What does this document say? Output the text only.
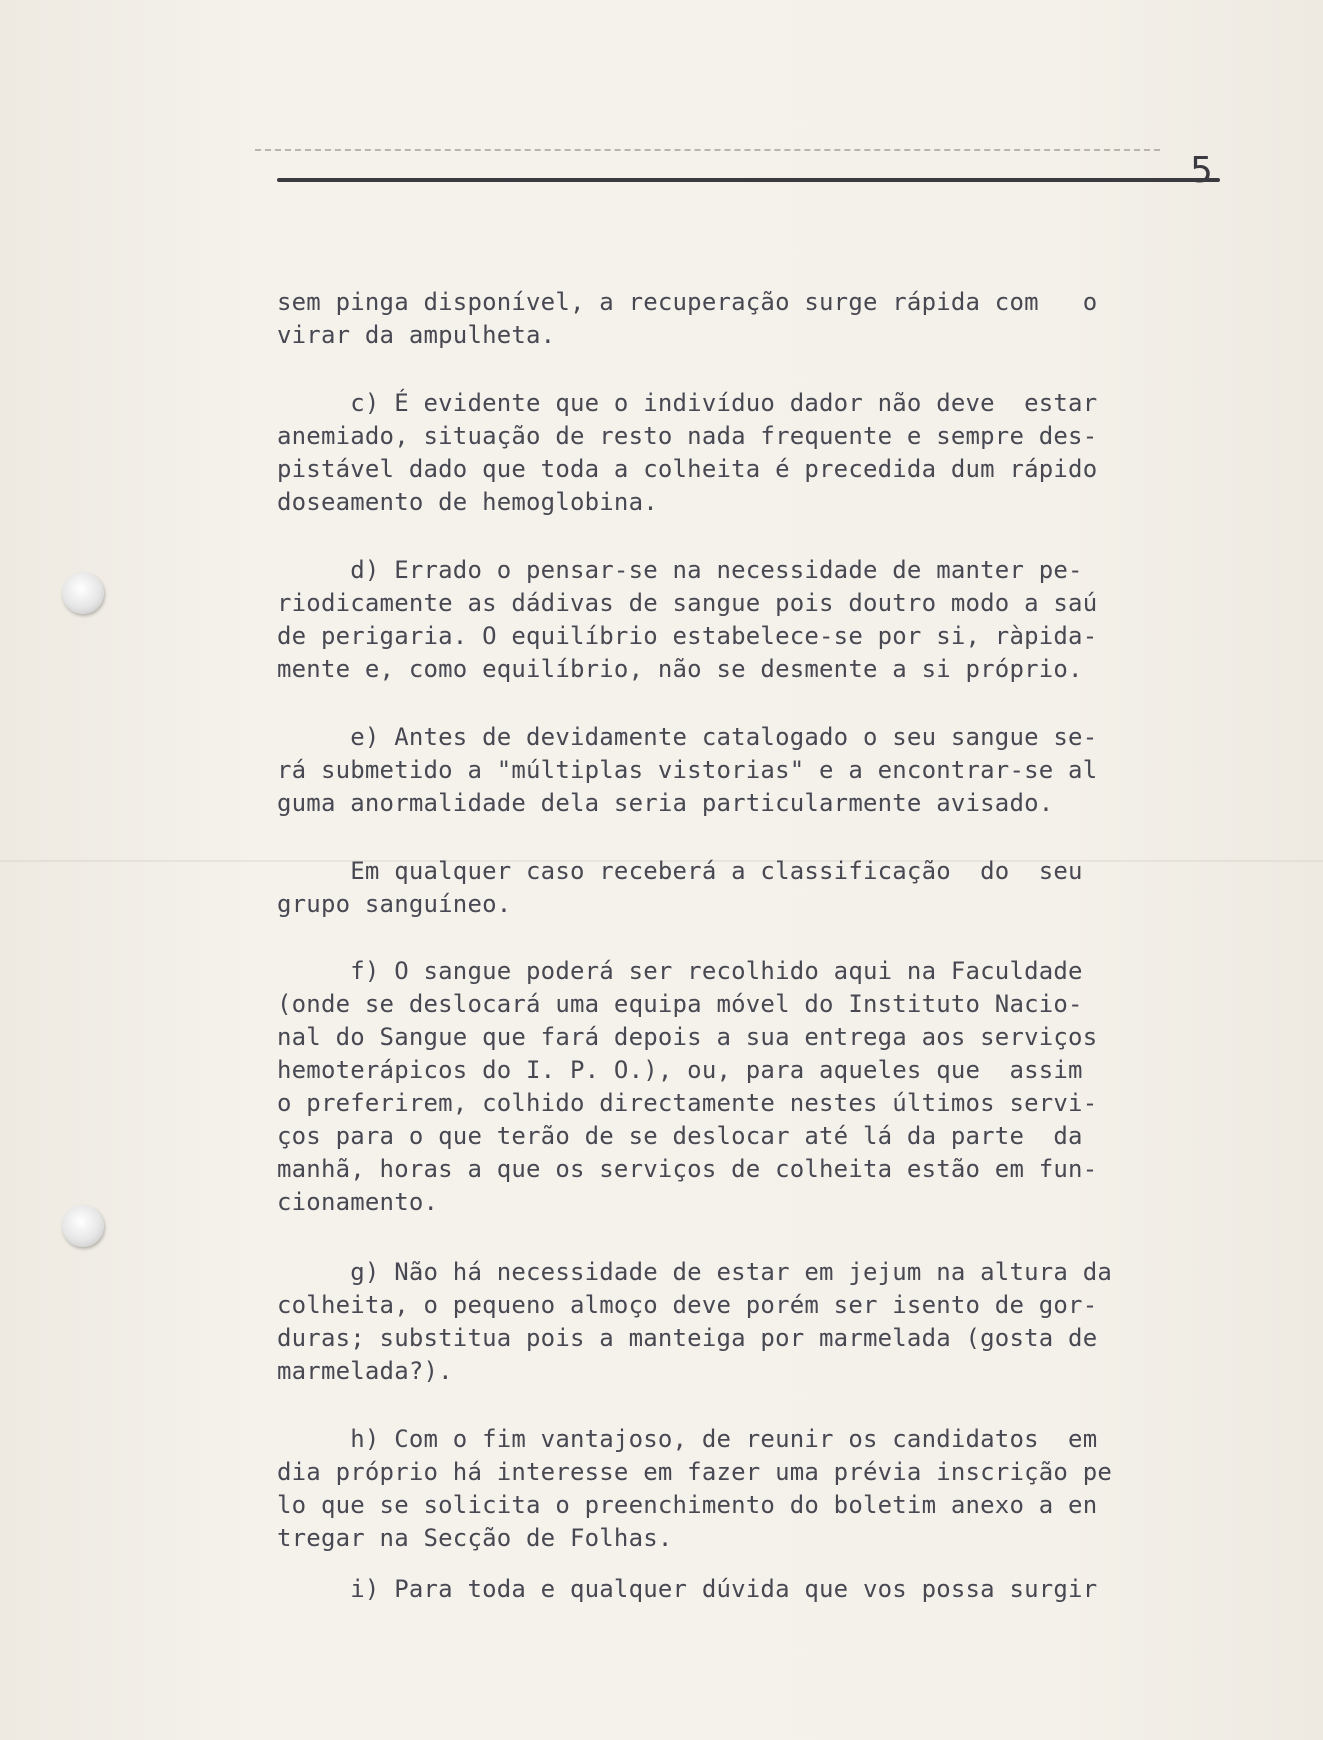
5
sem pinga disponível, a recuperação surge rápida com   o
virar da ampulheta.
c) É evidente que o indivíduo dador não deve  estar
anemiado, situação de resto nada frequente e sempre des-
pistável dado que toda a colheita é precedida dum rápido
doseamento de hemoglobina.
d) Errado o pensar-se na necessidade de manter pe-
riodicamente as dádivas de sangue pois doutro modo a saú
de perigaria. O equilíbrio estabelece-se por si, ràpida-
mente e, como equilíbrio, não se desmente a si próprio.
e) Antes de devidamente catalogado o seu sangue se-
rá submetido a "múltiplas vistorias" e a encontrar-se al
guma anormalidade dela seria particularmente avisado.
Em qualquer caso receberá a classificação  do  seu
grupo sanguíneo.
f) O sangue poderá ser recolhido aqui na Faculdade
(onde se deslocará uma equipa móvel do Instituto Nacio-
nal do Sangue que fará depois a sua entrega aos serviços
hemoterápicos do I. P. O.), ou, para aqueles que  assim
o preferirem, colhido directamente nestes últimos servi-
ços para o que terão de se deslocar até lá da parte  da
manhã, horas a que os serviços de colheita estão em fun-
cionamento.
g) Não há necessidade de estar em jejum na altura da
colheita, o pequeno almoço deve porém ser isento de gor-
duras; substitua pois a manteiga por marmelada (gosta de
marmelada?).
h) Com o fim vantajoso, de reunir os candidatos  em
dia próprio há interesse em fazer uma prévia inscrição pe
lo que se solicita o preenchimento do boletim anexo a en
tregar na Secção de Folhas.
i) Para toda e qualquer dúvida que vos possa surgir
